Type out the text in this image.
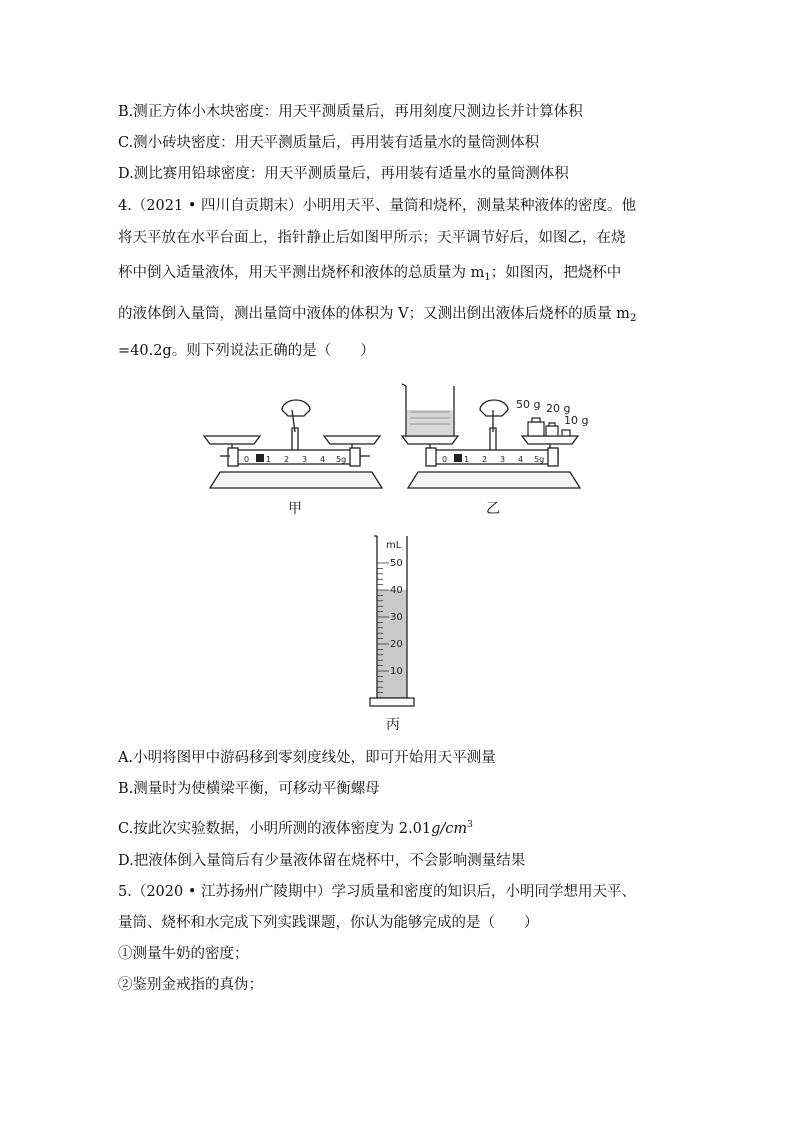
B.测正方体小木块密度：用天平测质量后，再用刻度尺测边长并计算体积
C.测小砖块密度：用天平测质量后，再用装有适量水的量筒测体积
D.测比赛用铅球密度：用天平测质量后，再用装有适量水的量筒测体积
4.（2021 • 四川自贡期末）小明用天平、量筒和烧杯，测量某种液体的密度。他
将天平放在水平台面上，指针静止后如图甲所示；天平调节好后，如图乙，在烧
杯中倒入适量液体，用天平测出烧杯和液体的总质量为 $m_1$；如图丙，把烧杯中
的液体倒入量筒，测出量筒中液体的体积为 V；又测出倒出液体后烧杯的质量 $m_2$
=40.2g。则下列说法正确的是（　　）
0 1 2 3 4 5g
甲
50 g 20 g
10 g
0 1 2 3 4 5g
乙
mL
50
40
30
20
10
丙
A.小明将图甲中游码移到零刻度线处，即可开始用天平测量
B.测量时为使横梁平衡，可移动平衡螺母
C.按此次实验数据，小明所测的液体密度为 $2.01g/cm^3$
D.把液体倒入量筒后有少量液体留在烧杯中，不会影响测量结果
5.（2020 • 江苏扬州广陵期中）学习质量和密度的知识后，小明同学想用天平、
量筒、烧杯和水完成下列实践课题，你认为能够完成的是（　　）
①测量牛奶的密度；
②鉴别金戒指的真伪；
